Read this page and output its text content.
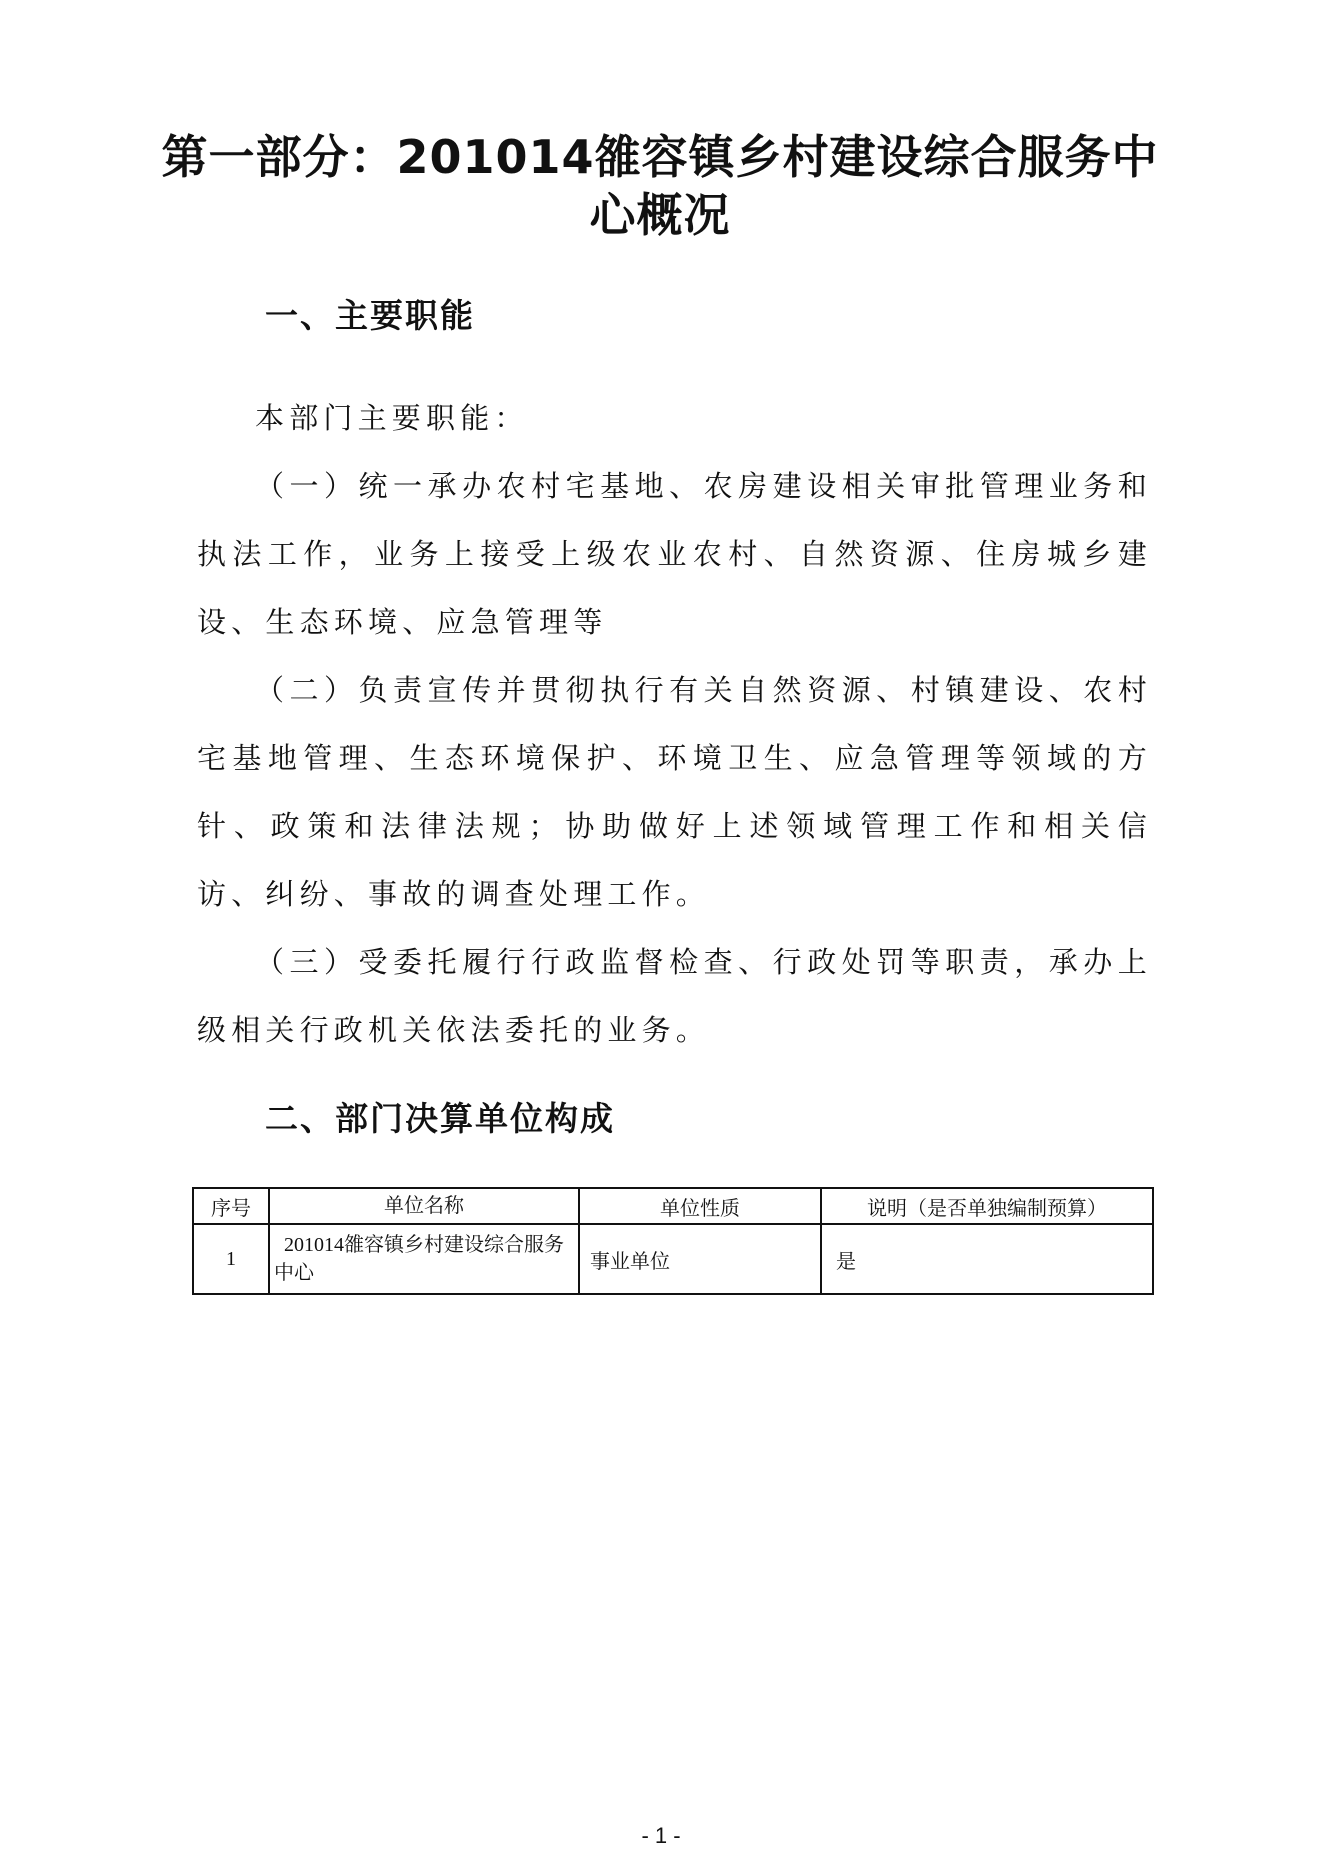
第一部分：201014雒容镇乡村建设综合服务中心概况
一、主要职能

本部门主要职能：

（一）统一承办农村宅基地、农房建设相关审批管理业务和执法工作，业务上接受上级农业农村、自然资源、住房城乡建设、生态环境、应急管理等

（二）负责宣传并贯彻执行有关自然资源、村镇建设、农村宅基地管理、生态环境保护、环境卫生、应急管理等领域的方针、政策和法律法规；协助做好上述领域管理工作和相关信访、纠纷、事故的调查处理工作。

（三）受委托履行行政监督检查、行政处罚等职责，承办上级相关行政机关依法委托的业务。

二、部门决算单位构成
序号	单位名称	单位性质	说明（是否单独编制预算）
1	201014雒容镇乡村建设综合服务中心	事业单位	是
- 1 -
